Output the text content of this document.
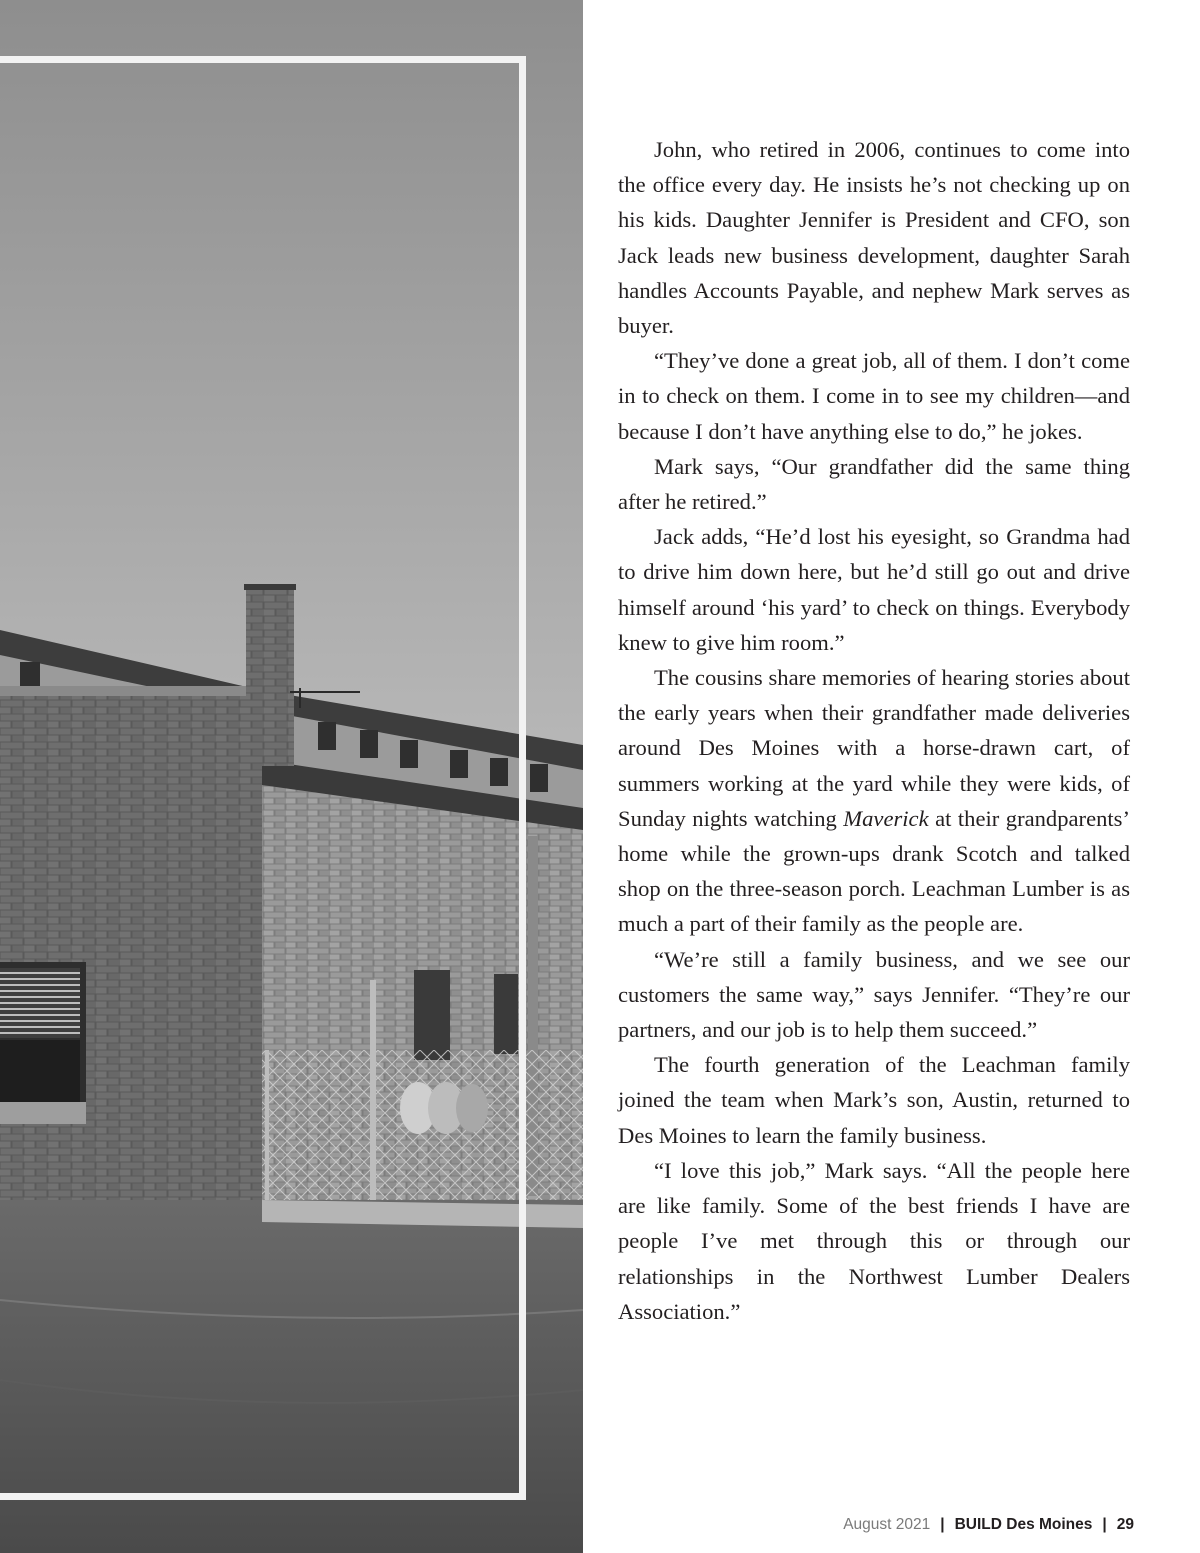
John, who retired in 2006, continues to come into the office every day. He insists he’s not checking up on his kids. Daughter Jennifer is President and CFO, son Jack leads new business development, daughter Sarah handles Accounts Payable, and nephew Mark serves as buyer.

“They’ve done a great job, all of them. I don’t come in to check on them. I come in to see my children—and because I don’t have anything else to do,” he jokes.

Mark says, “Our grandfather did the same thing after he retired.”

Jack adds, “He’d lost his eyesight, so Grandma had to drive him down here, but he’d still go out and drive himself around ‘his yard’ to check on things. Everybody knew to give him room.”

The cousins share memories of hearing stories about the early years when their grandfather made deliveries around Des Moines with a horse-drawn cart, of summers working at the yard while they were kids, of Sunday nights watching Maverick at their grandparents’ home while the grown-ups drank Scotch and talked shop on the three-season porch. Leachman Lumber is as much a part of their family as the people are.

“We’re still a family business, and we see our customers the same way,” says Jennifer. “They’re our partners, and our job is to help them succeed.”

The fourth generation of the Leachman family joined the team when Mark’s son, Austin, returned to Des Moines to learn the family business.

“I love this job,” Mark says. “All the people here are like family. Some of the best friends I have are people I’ve met through this or through our relationships in the Northwest Lumber Dealers Association.”

August 2021 | BUILD Des Moines | 29
